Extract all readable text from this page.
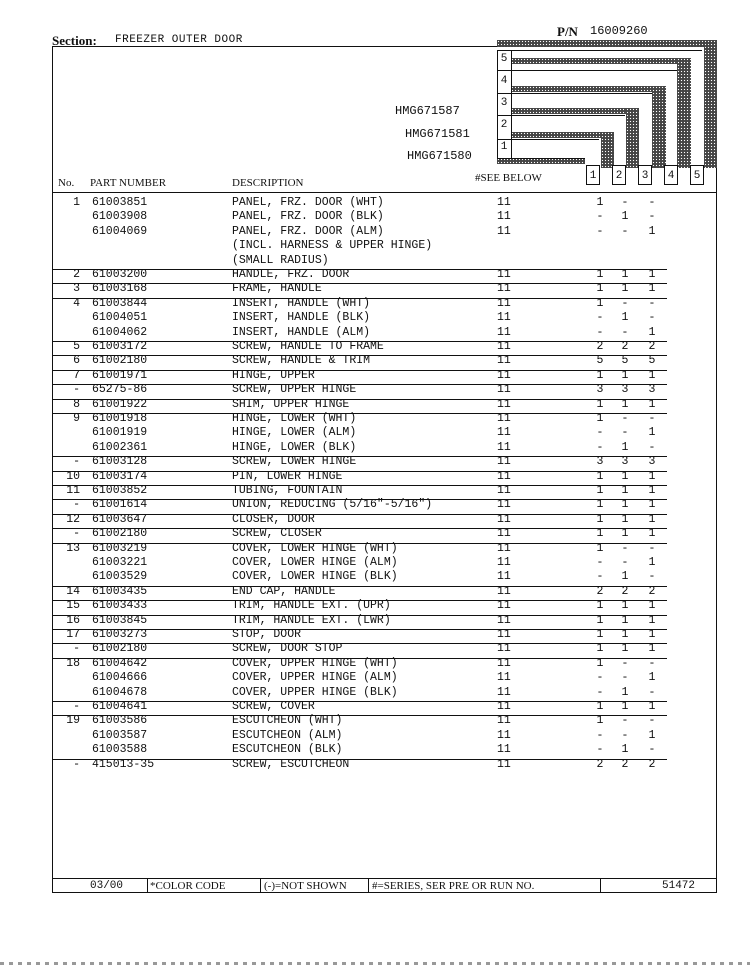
Section: FREEZER OUTER DOOR
P/N 16009260
5
4
3
2
1
HMG671587
HMG671581
HMG671580
No. PART NUMBER	DESCRIPTION	#SEE BELOW	1	2	3	4	5
1 61003851	PANEL, FRZ. DOOR (WHT)	11	1 - -
61003908	PANEL, FRZ. DOOR (BLK)	11	- 1 -
61004069	PANEL, FRZ. DOOR (ALM)	11	- - 1
(INCL. HARNESS & UPPER HINGE)
(SMALL RADIUS)
2 61003200	HANDLE, FRZ. DOOR	11	1 1 1
3 61003168	FRAME, HANDLE	11	1 1 1
4 61003844	INSERT, HANDLE (WHT)	11	1 - -
61004051	INSERT, HANDLE (BLK)	11	- 1 -
61004062	INSERT, HANDLE (ALM)	11	- - 1
5 61003172	SCREW, HANDLE TO FRAME	11	2 2 2
6 61002180	SCREW, HANDLE & TRIM	11	5 5 5
7 61001971	HINGE, UPPER	11	1 1 1
- 65275-86	SCREW, UPPER HINGE	11	3 3 3
8 61001922	SHIM, UPPER HINGE	11	1 1 1
9 61001918	HINGE, LOWER (WHT)	11	1 - -
61001919	HINGE, LOWER (ALM)	11	- - 1
61002361	HINGE, LOWER (BLK)	11	- 1 -
- 61003128	SCREW, LOWER HINGE	11	3 3 3
10 61003174	PIN, LOWER HINGE	11	1 1 1
11 61003852	TUBING, FOUNTAIN	11	1 1 1
- 61001614	UNION, REDUCING (5/16"-5/16")	11	1 1 1
12 61003647	CLOSER, DOOR	11	1 1 1
- 61002180	SCREW, CLOSER	11	1 1 1
13 61003219	COVER, LOWER HINGE (WHT)	11	1 - -
61003221	COVER, LOWER HINGE (ALM)	11	- - 1
61003529	COVER, LOWER HINGE (BLK)	11	- 1 -
14 61003435	END CAP, HANDLE	11	2 2 2
15 61003433	TRIM, HANDLE EXT. (UPR)	11	1 1 1
16 61003845	TRIM, HANDLE EXT. (LWR)	11	1 1 1
17 61003273	STOP, DOOR	11	1 1 1
- 61002180	SCREW, DOOR STOP	11	1 1 1
18 61004642	COVER, UPPER HINGE (WHT)	11	1 - -
61004666	COVER, UPPER HINGE (ALM)	11	- - 1
61004678	COVER, UPPER HINGE (BLK)	11	- 1 -
- 61004641	SCREW, COVER	11	1 1 1
19 61003586	ESCUTCHEON (WHT)	11	1 - -
61003587	ESCUTCHEON (ALM)	11	- - 1
61003588	ESCUTCHEON (BLK)	11	- 1 -
- 415013-35	SCREW, ESCUTCHEON	11	2 2 2
03/00 *COLOR CODE	(-)=NOT SHOWN #=SERIES, SER PRE OR RUN NO.	51472
